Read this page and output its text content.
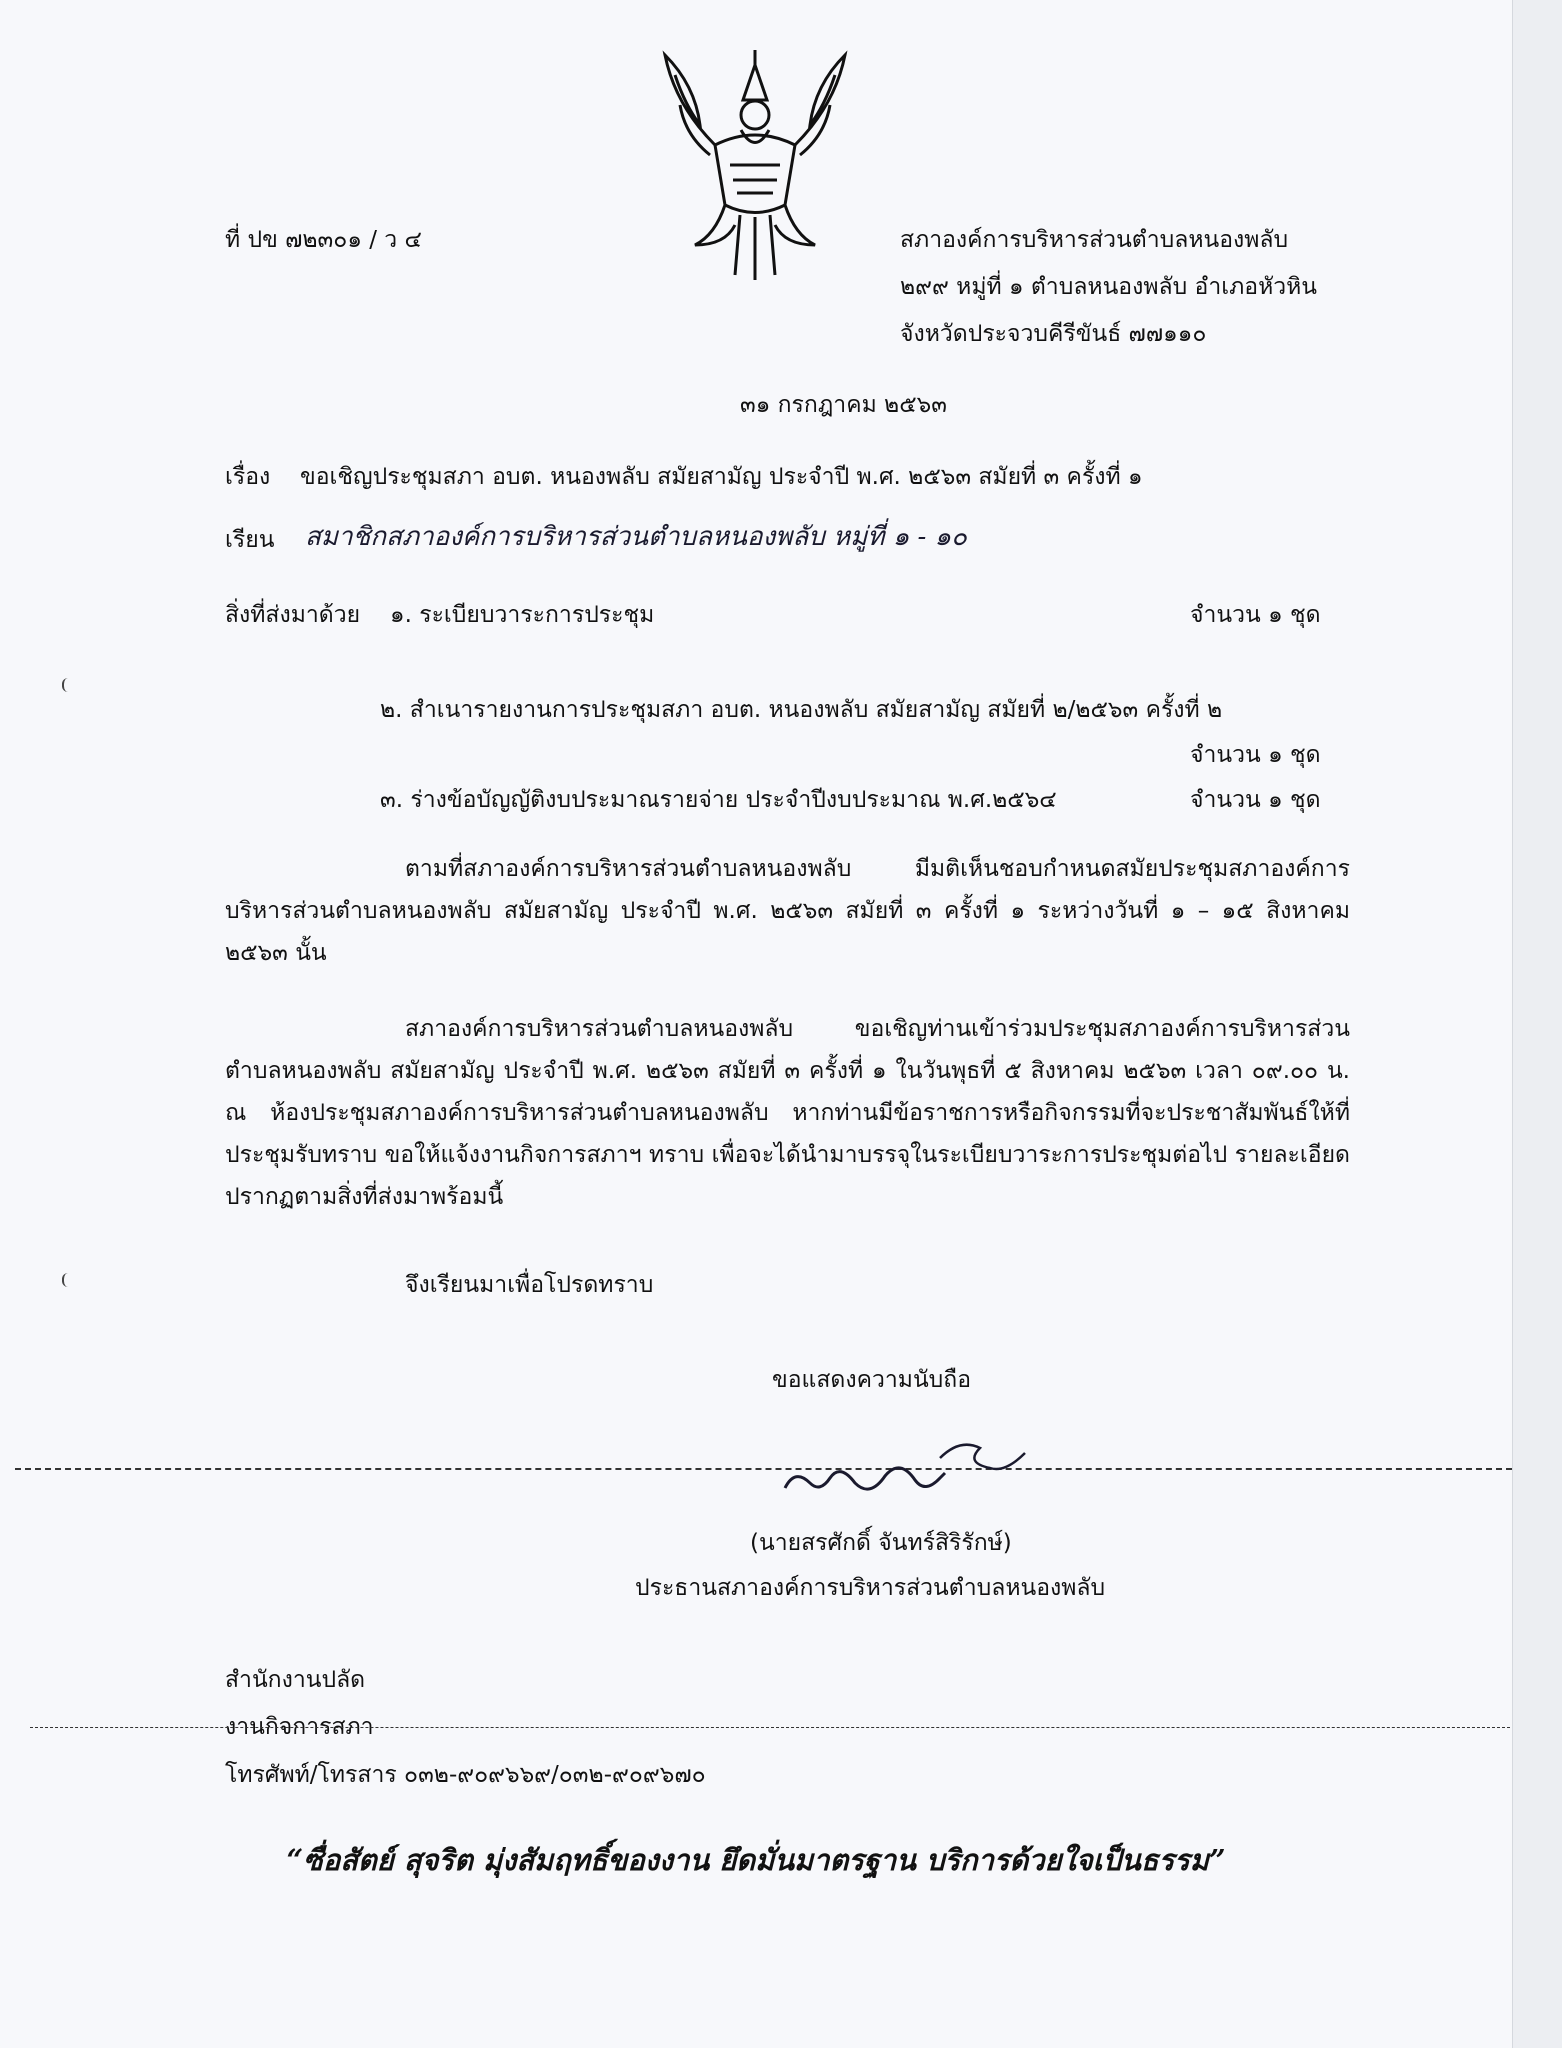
ที่ ปข ๗๒๓๐๑ / ว ๔	สภาองค์การบริหารส่วนตำบลหนองพลับ
๒๙๙ หมู่ที่ ๑ ตำบลหนองพลับ อำเภอหัวหิน
จังหวัดประจวบคีรีขันธ์ ๗๗๑๑๐
๓๑ กรกฎาคม ๒๕๖๓
เรื่อง ขอเชิญประชุมสภา อบต. หนองพลับ สมัยสามัญ ประจำปี พ.ศ. ๒๕๖๓ สมัยที่ ๓ ครั้งที่ ๑
เรียน สมาชิกสภาองค์การบริหารส่วนตำบลหนองพลับ หมู่ที่ ๑ - ๑๐
สิ่งที่ส่งมาด้วย ๑. ระเบียบวาระการประชุม	จำนวน ๑ ชุด
๒. สำเนารายงานการประชุมสภา อบต. หนองพลับ สมัยสามัญ สมัยที่ ๒/๒๕๖๓ ครั้งที่ ๒
จำนวน ๑ ชุด
๓. ร่างข้อบัญญัติงบประมาณรายจ่าย ประจำปีงบประมาณ พ.ศ.๒๕๖๔	จำนวน ๑ ชุด
ตามที่สภาองค์การบริหารส่วนตำบลหนองพลับ มีมติเห็นชอบกำหนดสมัยประชุมสภาองค์การบริหารส่วนตำบลหนองพลับ สมัยสามัญ ประจำปี พ.ศ. ๒๕๖๓ สมัยที่ ๓ ครั้งที่ ๑ ระหว่างวันที่ ๑ – ๑๕ สิงหาคม ๒๕๖๓ นั้น
สภาองค์การบริหารส่วนตำบลหนองพลับ ขอเชิญท่านเข้าร่วมประชุมสภาองค์การบริหารส่วนตำบลหนองพลับ สมัยสามัญ ประจำปี พ.ศ. ๒๕๖๓ สมัยที่ ๓ ครั้งที่ ๑ ในวันพุธที่ ๕ สิงหาคม ๒๕๖๓ เวลา ๐๙.๐๐ น. ณ ห้องประชุมสภาองค์การบริหารส่วนตำบลหนองพลับ หากท่านมีข้อราชการหรือกิจกรรมที่จะประชาสัมพันธ์ให้ที่ประชุมรับทราบ ขอให้แจ้งงานกิจการสภาฯ ทราบ เพื่อจะได้นำมาบรรจุในระเบียบวาระการประชุมต่อไป รายละเอียดปรากฏตามสิ่งที่ส่งมาพร้อมนี้
จึงเรียนมาเพื่อโปรดทราบ
ขอแสดงความนับถือ
(นายสรศักดิ์ จันทร์สิริรักษ์)
ประธานสภาองค์การบริหารส่วนตำบลหนองพลับ
สำนักงานปลัด
งานกิจการสภา
โทรศัพท์/โทรสาร ๐๓๒-๙๐๙๖๖๙/๐๓๒-๙๐๙๖๗๐
“ซื่อสัตย์ สุจริต มุ่งสัมฤทธิ์ของงาน ยึดมั่นมาตรฐาน บริการด้วยใจเป็นธรรม”
